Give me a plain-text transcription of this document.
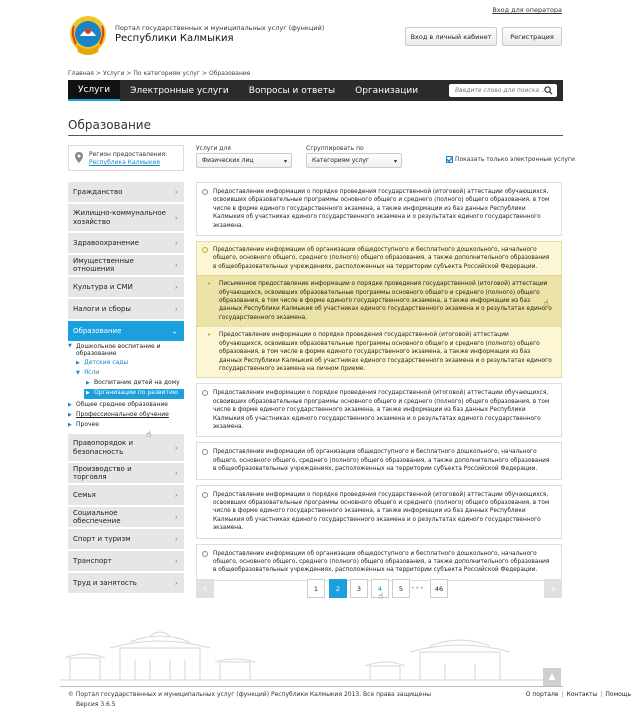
Вход для оператора
Портал государственных и муниципальных услуг (функций)
Республики Калмыкия	Вход в личный кабинет	Регистрация
Главная > Услуги > По категориям услуг > Образование
Услуги	Электронные услуги	Вопросы и ответы	Организации
Введите слово для поиска ...
Образование
Регион предоставления:
Республика Калмыкия
Услуги для
Физических лиц	▾
Сгруппировать по
Категориям услуг	▾	Показать только электронные услуги
Гражданство	›
Жилищно-коммунальное хозяйство	›
Здравоохранение	›
Имущественные отношения	›
Культура и СМИ	›
Налоги и сборы	›
Образование	⌄
▼ Дошкольное воспитание и образование
▶ Детские сады
▼ Ясли
▶ Воспитание детей на дому
▶ Организации по развитию
▶ Общее среднее образование
▶ Профессиональное обучение
▶ Прочее
Правопорядок и безопасность	›
Производство и торговля	›
Семья	›
Социальное обеспечение	›
Спорт и туризм	›
Транспорт	›
Труд и занятость	›
☝
Предоставление информации о порядке проведения государственной (итоговой) аттестации обучающихся, освоивших образовательные программы основного общего и среднего (полного) общего образования, в том числе в форме единого государственного экзамена, а также информации из баз данных Республики Калмыкия об участниках единого государственного экзамена и о результатах единого государственного экзамена.
Предоставление информации об организации общедоступного и бесплатного дошкольного, начального общего, основного общего, среднего (полного) общего образования, а также дополнительного образования в общеобразовательных учреждениях, расположенных на территории субъекта Российской Федерации.
• Письменное предоставление информации о порядке проведения государственной (итоговой) аттестации обучающихся, освоивших образовательные программы основного общего и среднего (полного) общего образования, в том числе в форме единого государственного экзамена, а также информации из баз данных Республики Калмыкия об участниках единого государственного экзамена и о результатах единого государственного экзамена.
☝
• Предоставление информации о порядке проведения государственной (итоговой) аттестации обучающихся, освоивших образовательные программы основного общего и среднего (полного) общего образования, в том числе в форме единого государственного экзамена, а также информации из баз данных Республики Калмыкия об участниках единого государственного экзамена и о результатах единого государственного экзамена на личном приеме.
Предоставление информации о порядке проведения государственной (итоговой) аттестации обучающихся, освоивших образовательные программы основного общего и среднего (полного) общего образования, в том числе в форме единого государственного экзамена, а также информации из баз данных Республики Калмыкия об участниках единого государственного экзамена и о результатах единого государственного экзамена.
Предоставление информации об организации общедоступного и бесплатного дошкольного, начального общего, основного общего, среднего (полного) общего образования, а также дополнительного образования в общеобразовательных учреждениях, расположенных на территории субъекта Российской Федерации.
Предоставление информации о порядке проведения государственной (итоговой) аттестации обучающихся, освоивших образовательные программы основного общего и среднего (полного) общего образования, в том числе в форме единого государственного экзамена, а также информации из баз данных Республики Калмыкия об участниках единого государственного экзамена и о результатах единого государственного экзамена.
Предоставление информации об организации общедоступного и бесплатного дошкольного, начального общего, основного общего, среднего (полного) общего образования, а также дополнительного образования в общеобразовательных учреждениях, расположенных на территории субъекта Российской Федерации.
‹	1	2	3	4	5	•••	46
☝
›
▲
© Портал государственных и муниципальных услуг (функций) Республики Калмыкия 2013. Все права защищены
Версия 3.6.5
О портале | Контакты | Помощь
